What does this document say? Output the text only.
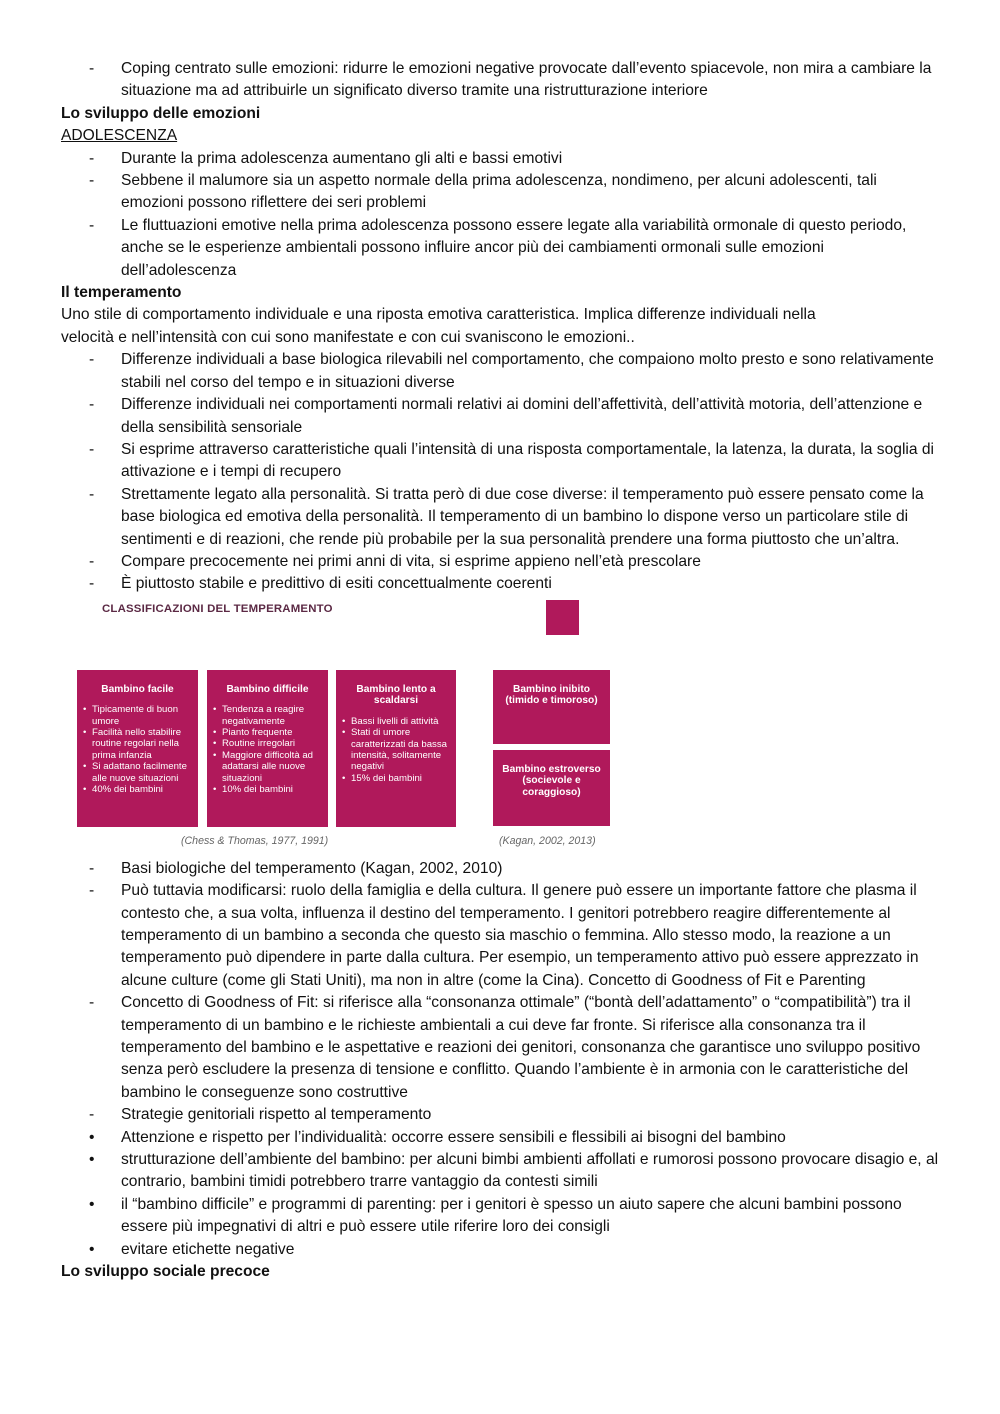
-	Coping centrato sulle emozioni: ridurre le emozioni negative provocate dall’evento spiacevole, non mira a cambiare la situazione ma ad attribuirle un significato diverso tramite una ristrutturazione interiore
Lo sviluppo delle emozioni
ADOLESCENZA
-	Durante la prima adolescenza aumentano gli alti e bassi emotivi
-	Sebbene il malumore sia un aspetto normale della prima adolescenza, nondimeno, per alcuni adolescenti, tali emozioni possono riflettere dei seri problemi
-	Le fluttuazioni emotive nella prima adolescenza possono essere legate alla variabilità ormonale di questo periodo, anche se le esperienze ambientali possono influire ancor più dei cambiamenti ormonali sulle emozioni dell’adolescenza
Il temperamento
Uno stile di comportamento individuale e una riposta emotiva caratteristica. Implica differenze individuali nella
velocità e nell’intensità con cui sono manifestate e con cui svaniscono le emozioni..
-	Differenze individuali a base biologica rilevabili nel comportamento, che compaiono molto presto e sono relativamente stabili nel corso del tempo e in situazioni diverse
-	Differenze individuali nei comportamenti normali relativi ai domini dell’affettività, dell’attività motoria, dell’attenzione e della sensibilità sensoriale
-	Si esprime attraverso caratteristiche quali l’intensità di una risposta comportamentale, la latenza, la durata, la soglia di attivazione e i tempi di recupero
-	Strettamente legato alla personalità. Si tratta però di due cose diverse: il temperamento può essere pensato come la base biologica ed emotiva della personalità. Il temperamento di un bambino lo dispone verso un particolare stile di sentimenti e di reazioni, che rende più probabile per la sua personalità prendere una forma piuttosto che un’altra.
-	Compare precocemente nei primi anni di vita, si esprime appieno nell’età prescolare
-	È piuttosto stabile e predittivo di esiti concettualmente coerenti
CLASSIFICAZIONI DEL TEMPERAMENTO
Bambino facile
• Tipicamente di buon umore
• Facilità nello stabilire routine regolari nella prima infanzia
• Si adattano facilmente alle nuove situazioni
• 40% dei bambini
Bambino difficile
• Tendenza a reagire negativamente
• Pianto frequente
• Routine irregolari
• Maggiore difficoltà ad adattarsi alle nuove situazioni
• 10% dei bambini
Bambino lento a scaldarsi
• Bassi livelli di attività
• Stati di umore caratterizzati da bassa intensità, solitamente negativi
• 15% dei bambini
Bambino inibito (timido e timoroso)
Bambino estroverso (socievole e coraggioso)
(Chess & Thomas, 1977, 1991)	(Kagan, 2002, 2013)
-	Basi biologiche del temperamento (Kagan, 2002, 2010)
-	Può tuttavia modificarsi: ruolo della famiglia e della cultura. Il genere può essere un importante fattore che plasma il contesto che, a sua volta, influenza il destino del temperamento. I genitori potrebbero reagire differentemente al temperamento di un bambino a seconda che questo sia maschio o femmina. Allo stesso modo, la reazione a un temperamento può dipendere in parte dalla cultura. Per esempio, un temperamento attivo può essere apprezzato in alcune culture (come gli Stati Uniti), ma non in altre (come la Cina). Concetto di Goodness of Fit e Parenting
-	Concetto di Goodness of Fit: si riferisce alla “consonanza ottimale” (“bontà dell’adattamento” o “compatibilità”) tra il temperamento di un bambino e le richieste ambientali a cui deve far fronte. Si riferisce alla consonanza tra il temperamento del bambino e le aspettative e reazioni dei genitori, consonanza che garantisce uno sviluppo positivo senza però escludere la presenza di tensione e conflitto. Quando l’ambiente è in armonia con le caratteristiche del bambino le conseguenze sono costruttive
-	Strategie genitoriali rispetto al temperamento
•	Attenzione e rispetto per l’individualità: occorre essere sensibili e flessibili ai bisogni del bambino
•	strutturazione dell’ambiente del bambino: per alcuni bimbi ambienti affollati e rumorosi possono provocare disagio e, al contrario, bambini timidi potrebbero trarre vantaggio da contesti simili
•	il “bambino difficile” e programmi di parenting: per i genitori è spesso un aiuto sapere che alcuni bambini possono essere più impegnativi di altri e può essere utile riferire loro dei consigli
•	evitare etichette negative
Lo sviluppo sociale precoce
